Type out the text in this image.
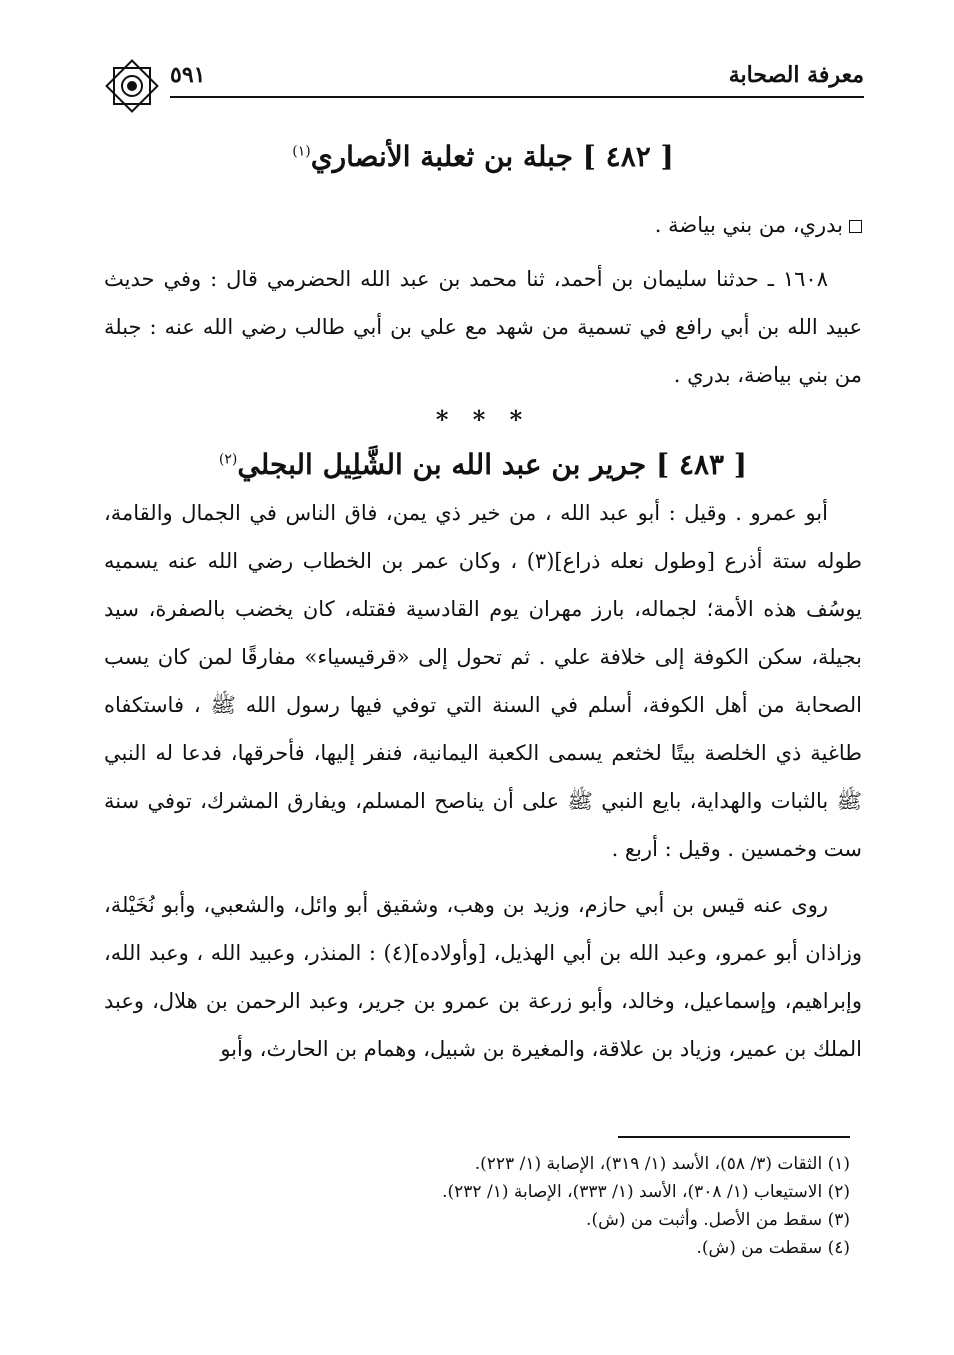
٥٩١	معرفة الصحابة
[ ٤٨٢ ] جبلة بن ثعلبة الأنصاري$^{(١)}$

بدري، من بني بياضة .

١٦٠٨ ـ حدثنا سليمان بن أحمد، ثنا محمد بن عبد الله الحضرمي قال : وفي حديث عبيد الله بن أبي رافع في تسمية من شهد مع علي بن أبي طالب رضي الله عنه : جبلة من بني بياضة، بدري .

* * *
[ ٤٨٣ ] جرير بن عبد الله بن الشَّلِيل البجلي$^{(٢)}$

أبو عمرو . وقيل : أبو عبد الله ، من خير ذي يمن، فاق الناس في الجمال والقامة، طوله ستة أذرع [وطول نعله ذراع](٣) ، وكان عمر بن الخطاب رضي الله عنه يسميه يوسُف هذه الأمة؛ لجماله، بارز مهران يوم القادسية فقتله، كان يخضب بالصفرة، سيد بجيلة، سكن الكوفة إلى خلافة علي . ثم تحول إلى «قرقيسياء» مفارقًا لمن كان يسب الصحابة من أهل الكوفة، أسلم في السنة التي توفي فيها رسول الله ﷺ ، فاستكفاه طاغية ذي الخلصة بيتًا لخثعم يسمى الكعبة اليمانية، فنفر إليها، فأحرقها، فدعا له النبي ﷺ بالثبات والهداية، بايع النبي ﷺ على أن يناصح المسلم، ويفارق المشرك، توفي سنة ست وخمسين . وقيل : أربع .

روى عنه قيس بن أبي حازم، وزيد بن وهب، وشقيق أبو وائل، والشعبي، وأبو نُخَيْلة، وزاذان أبو عمرو، وعبد الله بن أبي الهذيل، [وأولاده](٤) : المنذر، وعبيد الله ، وعبد الله، وإبراهيم، وإسماعيل، وخالد، وأبو زرعة بن عمرو بن جرير، وعبد الرحمن بن هلال، وعبد الملك بن عمير، وزياد بن علاقة، والمغيرة بن شبيل، وهمام بن الحارث، وأبو

(١) الثقات (٣/ ٥٨)، الأسد (١/ ٣١٩)، الإصابة (١/ ٢٢٣).

(٢) الاستيعاب (١/ ٣٠٨)، الأسد (١/ ٣٣٣)، الإصابة (١/ ٢٣٢).

(٣) سقط من الأصل. وأثبت من (ش).

(٤) سقطت من (ش).
